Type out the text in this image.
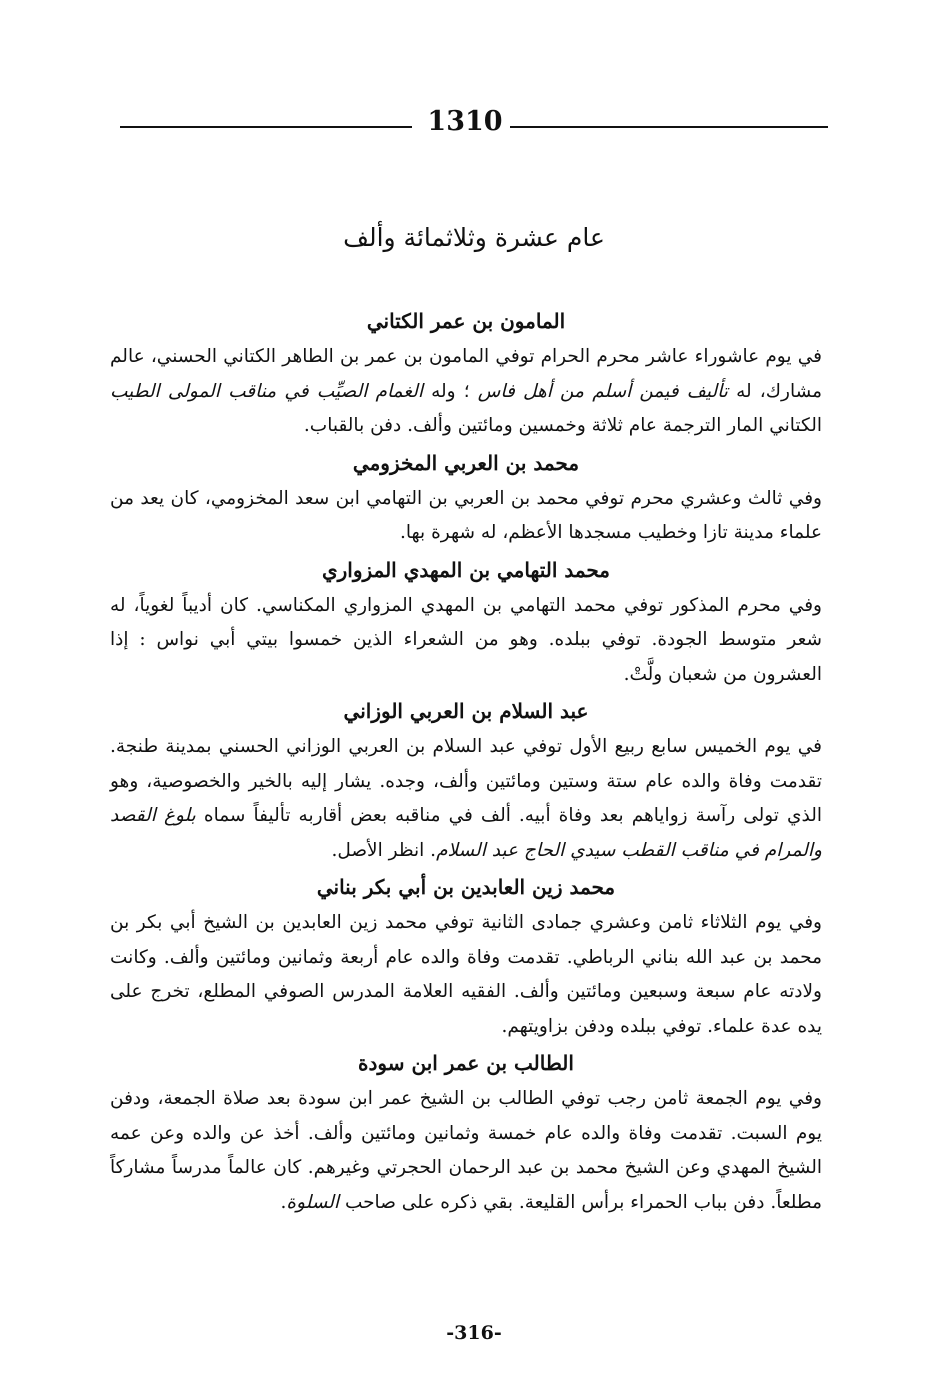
1310
عام عشرة وثلاثمائة وألف
المامون بن عمر الكتاني

في يوم عاشوراء عاشر محرم الحرام توفي المامون بن عمر بن الطاهر الكتاني الحسني، عالم مشارك، له تأليف فيمن أسلم من أهل فاس ؛ وله الغمام الصيِّب في مناقب المولى الطيب الكتاني المار الترجمة عام ثلاثة وخمسين ومائتين وألف. دفن بالقباب.

محمد بن العربي المخزومي

وفي ثالث وعشري محرم توفي محمد بن العربي بن التهامي ابن سعد المخزومي، كان يعد من علماء مدينة تازا وخطيب مسجدها الأعظم، له شهرة بها.

محمد التهامي بن المهدي المزواري

وفي محرم المذكور توفي محمد التهامي بن المهدي المزواري المكناسي. كان أديباً لغوياً، له شعر متوسط الجودة. توفي ببلده. وهو من الشعراء الذين خمسوا بيتي أبي نواس : إذا العشرون من شعبان ولَّتْ.

عبد السلام بن العربي الوزاني

في يوم الخميس سابع ربيع الأول توفي عبد السلام بن العربي الوزاني الحسني بمدينة طنجة. تقدمت وفاة والده عام ستة وستين ومائتين وألف، وجده. يشار إليه بالخير والخصوصية، وهو الذي تولى رآسة زواياهم بعد وفاة أبيه. ألف في مناقبه بعض أقاربه تأليفاً سماه بلوغ القصد والمرام في مناقب القطب سيدي الحاج عبد السلام. انظر الأصل.

محمد زين العابدين بن أبي بكر بناني

وفي يوم الثلاثاء ثامن وعشري جمادى الثانية توفي محمد زين العابدين بن الشيخ أبي بكر بن محمد بن عبد الله بناني الرباطي. تقدمت وفاة والده عام أربعة وثمانين ومائتين وألف. وكانت ولادته عام سبعة وسبعين ومائتين وألف. الفقيه العلامة المدرس الصوفي المطلع، تخرج على يده عدة علماء. توفي ببلده ودفن بزاويتهم.

الطالب بن عمر ابن سودة

وفي يوم الجمعة ثامن رجب توفي الطالب بن الشيخ عمر ابن سودة بعد صلاة الجمعة، ودفن يوم السبت. تقدمت وفاة والده عام خمسة وثمانين ومائتين وألف. أخذ عن والده وعن عمه الشيخ المهدي وعن الشيخ محمد بن عبد الرحمان الحجرتي وغيرهم. كان عالماً مدرساً مشاركاً مطلعاً. دفن بباب الحمراء برأس القليعة. بقي ذكره على صاحب السلوة.

-316-
